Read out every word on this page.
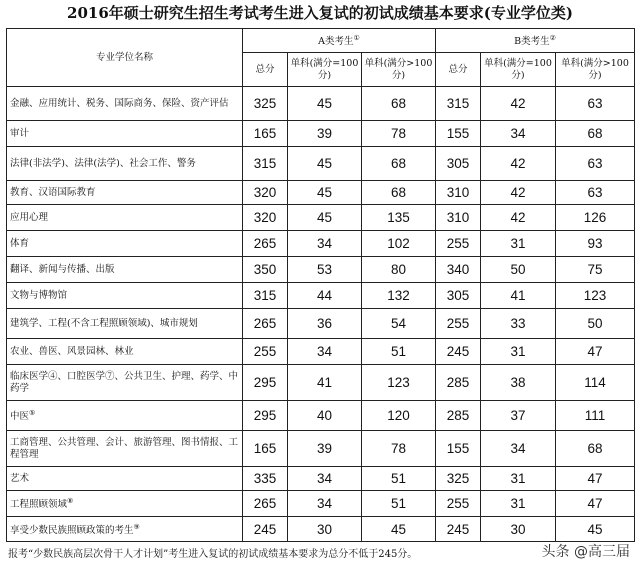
2016年硕士研究生招生考试考生进入复试的初试成绩基本要求(专业学位类)
专业学位名称	A类考生①			B类考生②
	总分	单科(满分=100分)	单科(满分>100分)	总分	单科(满分=100分)	单科(满分>100分)
金融、应用统计、税务、国际商务、保险、资产评估	325	45	68	315	42	63
审计	165	39	78	155	34	68
法律(非法学)、法律(法学)、社会工作、警务	315	45	68	305	42	63
教育、汉语国际教育	320	45	68	310	42	63
应用心理	320	45	135	310	42	126
体育	265	34	102	255	31	93
翻译、新闻与传播、出版	350	53	80	340	50	75
文物与博物馆	315	44	132	305	41	123
建筑学、工程(不含工程照顾领域)、城市规划	265	36	54	255	33	50
农业、兽医、风景园林、林业	255	34	51	245	31	47
临床医学④、口腔医学⑦、公共卫生、护理、药学、中药学	295	41	123	285	38	114
中医⑤	295	40	120	285	37	111
工商管理、公共管理、会计、旅游管理、图书情报、工程管理	165	39	78	155	34	68
艺术	335	34	51	325	31	47
工程照顾领域⑧	265	34	51	255	31	47
享受少数民族照顾政策的考生⑨	245	30	45	245	30	45
报考“少数民族高层次骨干人才计划”考生进入复试的初试成绩基本要求为总分不低于245分。	头条 @高三届
